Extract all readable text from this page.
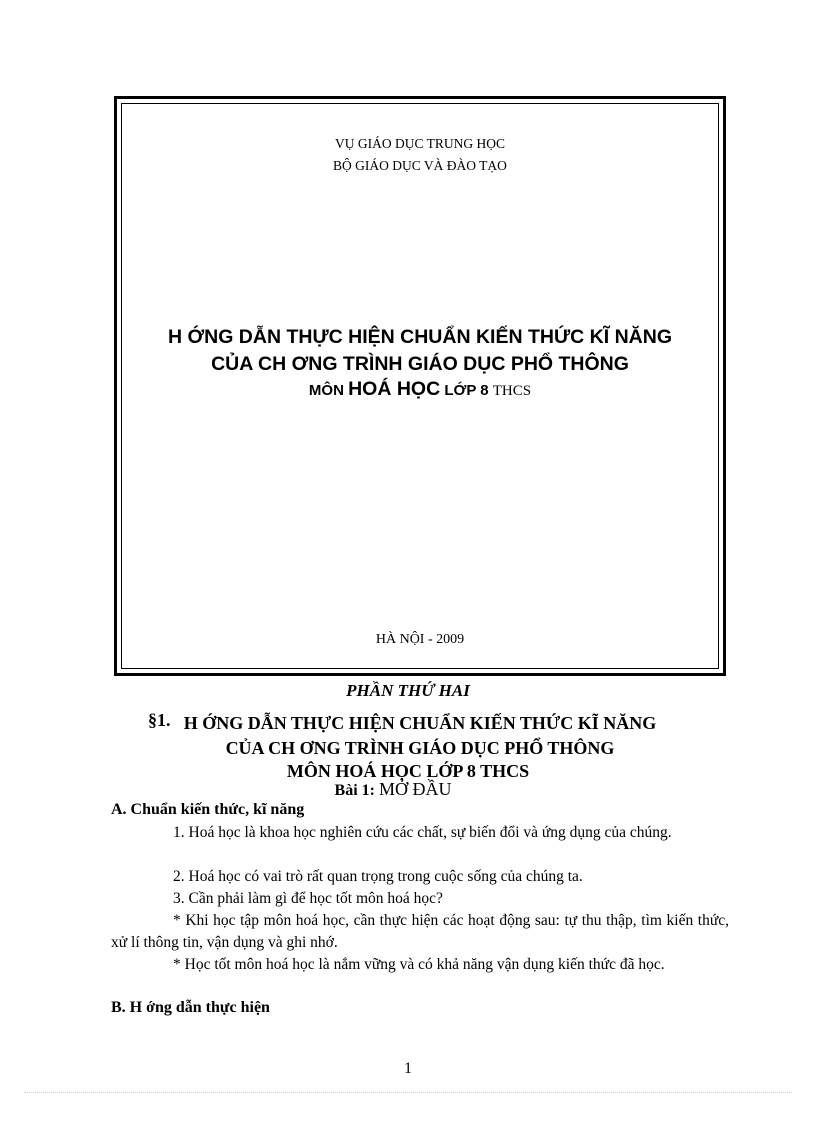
VỤ GIÁO DỤC TRUNG HỌC
BỘ GIÁO DỤC VÀ ĐÀO TẠO
H ỚNG DẪN THỰC HIỆN CHUẨN KIẾN THỨC KĨ NĂNG
CỦA CH ƠNG TRÌNH GIÁO DỤC PHỔ THÔNG
MÔN HOÁ HỌC LỚP 8 THCS
HÀ NỘI - 2009
PHẦN THỨ HAI
§1. H ỚNG DẪN THỰC HIỆN CHUẨN KIẾN THỨC KĨ NĂNG
CỦA CH ƠNG TRÌNH GIÁO DỤC PHỔ THÔNG
MÔN HOÁ HỌC LỚP 8 THCS
Bài 1: MỞ ĐẦU
A. Chuẩn kiến thức, kĩ năng

1. Hoá học là khoa học nghiên cứu các chất, sự biến đổi và ứng dụng của chúng.

2. Hoá học có vai trò rất quan trọng trong cuộc sống của chúng ta.

3. Cần phải làm gì để học tốt môn hoá học?

* Khi học tập môn hoá học, cần thực hiện các hoạt động sau: tự thu thập, tìm kiến thức, xử lí thông tin, vận dụng và ghi nhớ.

* Học tốt môn hoá học là nắm vững và có khả năng vận dụng kiến thức đã học.

B. H ớng dẫn thực hiện
1
